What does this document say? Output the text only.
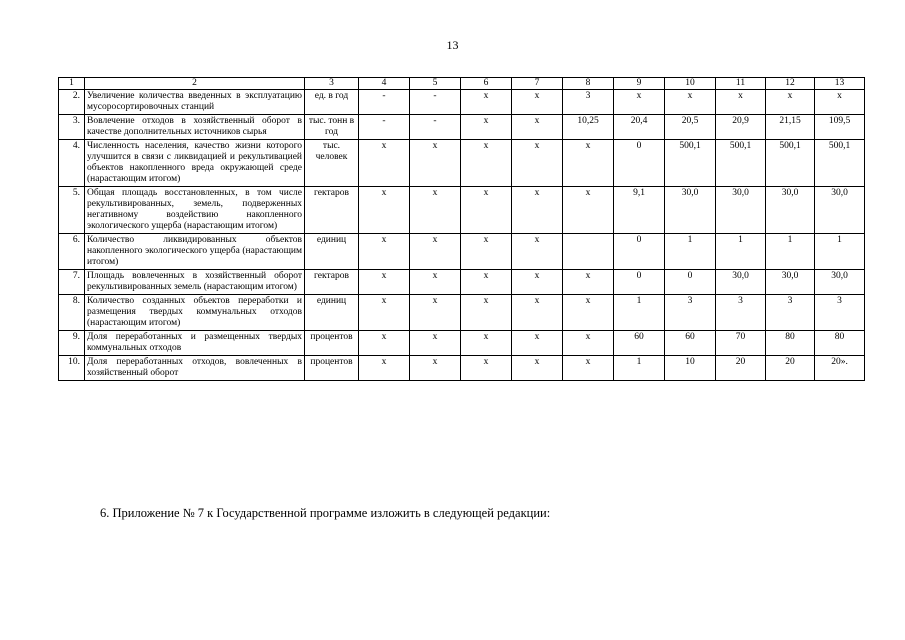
13
1	2	3	4	5	6	7	8	9	10	11	12	13
2.	Увеличение количества введенных в эксплуатацию мусоросортировочных станций	ед. в год	-	-	x	x	3	x	x	x	x	x
3.	Вовлечение отходов в хозяйственный оборот в качестве дополнительных источников сырья	тыс. тонн в год	-	-	x	x	10,25	20,4	20,5	20,9	21,15	109,5
4.	Численность населения, качество жизни которого улучшится в связи с ликвидацией и рекультивацией объектов накопленного вреда окружающей среде (нарастающим итогом)	тыс. человек	x	x	x	x	x	0	500,1	500,1	500,1	500,1
5.	Общая площадь восстановленных, в том числе рекультивированных, земель, подверженных негативному воздействию накопленного экологического ущерба (нарастающим итогом)	гектаров	x	x	x	x	x	9,1	30,0	30,0	30,0	30,0
6.	Количество ликвидированных объектов накопленного экологического ущерба (нарастающим итогом)	единиц	x	x	x	x		0	1	1	1	1
7.	Площадь вовлеченных в хозяйственный оборот рекультивированных земель (нарастающим итогом)	гектаров	x	x	x	x	x	0	0	30,0	30,0	30,0
8.	Количество созданных объектов переработки и размещения твердых коммунальных отходов (нарастающим итогом)	единиц	x	x	x	x	x	1	3	3	3	3
9.	Доля переработанных и размещенных твердых коммунальных отходов	процентов	x	x	x	x	x	60	60	70	80	80
10.	Доля переработанных отходов, вовлеченных в хозяйственный оборот	процентов	x	x	x	x	x	1	10	20	20	20».
6. Приложение № 7 к Государственной программе изложить в следующей редакции:
